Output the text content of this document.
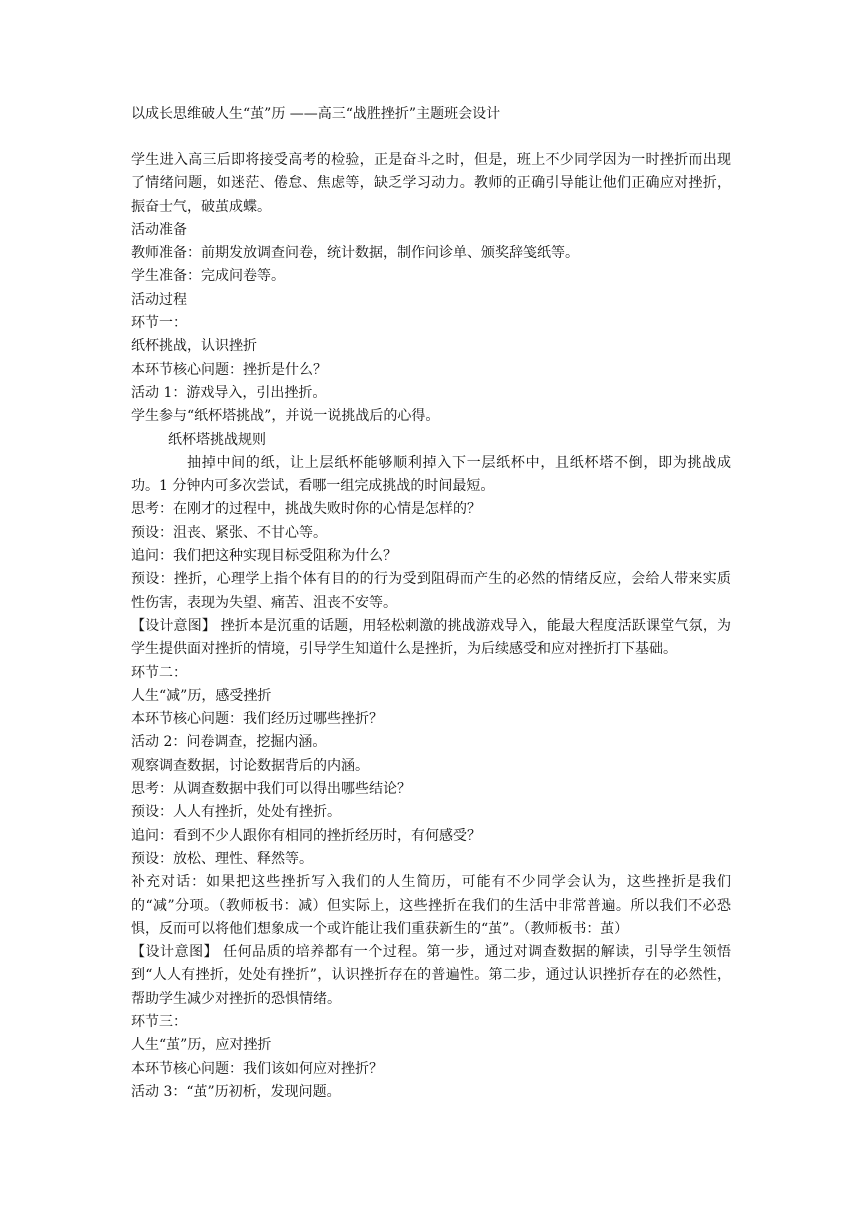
以成长思维破人生“茧”历 ——高三“战胜挫折”主题班会设计

学生进入高三后即将接受高考的检验，正是奋斗之时，但是，班上不少同学因为一时挫折而出现了情绪问题，如迷茫、倦怠、焦虑等，缺乏学习动力。教师的正确引导能让他们正确应对挫折，振奋士气，破茧成蝶。

活动准备

教师准备：前期发放调查问卷，统计数据，制作问诊单、颁奖辞笺纸等。

学生准备：完成问卷等。

活动过程

环节一：

纸杯挑战，认识挫折

本环节核心问题：挫折是什么？

活动 1：游戏导入，引出挫折。

学生参与“纸杯塔挑战”，并说一说挑战后的心得。

纸杯塔挑战规则

抽掉中间的纸，让上层纸杯能够顺利掉入下一层纸杯中，且纸杯塔不倒，即为挑战成功。1 分钟内可多次尝试，看哪一组完成挑战的时间最短。

思考：在刚才的过程中，挑战失败时你的心情是怎样的？

预设：沮丧、紧张、不甘心等。

追问：我们把这种实现目标受阻称为什么？

预设：挫折，心理学上指个体有目的的行为受到阻碍而产生的必然的情绪反应，会给人带来实质性伤害，表现为失望、痛苦、沮丧不安等。

【设计意图】 挫折本是沉重的话题，用轻松刺激的挑战游戏导入，能最大程度活跃课堂气氛，为学生提供面对挫折的情境，引导学生知道什么是挫折，为后续感受和应对挫折打下基础。

环节二：

人生“减”历，感受挫折

本环节核心问题：我们经历过哪些挫折？

活动 2：问卷调查，挖掘内涵。

观察调查数据，讨论数据背后的内涵。

思考：从调查数据中我们可以得出哪些结论？

预设：人人有挫折，处处有挫折。

追问：看到不少人跟你有相同的挫折经历时，有何感受？

预设：放松、理性、释然等。

补充对话：如果把这些挫折写入我们的人生简历，可能有不少同学会认为，这些挫折是我们的“减”分项。（教师板书：减）但实际上，这些挫折在我们的生活中非常普遍。所以我们不必恐惧，反而可以将他们想象成一个或许能让我们重获新生的“茧”。（教师板书：茧）

【设计意图】 任何品质的培养都有一个过程。第一步，通过对调查数据的解读，引导学生领悟到“人人有挫折，处处有挫折”，认识挫折存在的普遍性。第二步，通过认识挫折存在的必然性，帮助学生减少对挫折的恐惧情绪。

环节三：

人生“茧”历，应对挫折

本环节核心问题：我们该如何应对挫折？

活动 3：“茧”历初析，发现问题。
